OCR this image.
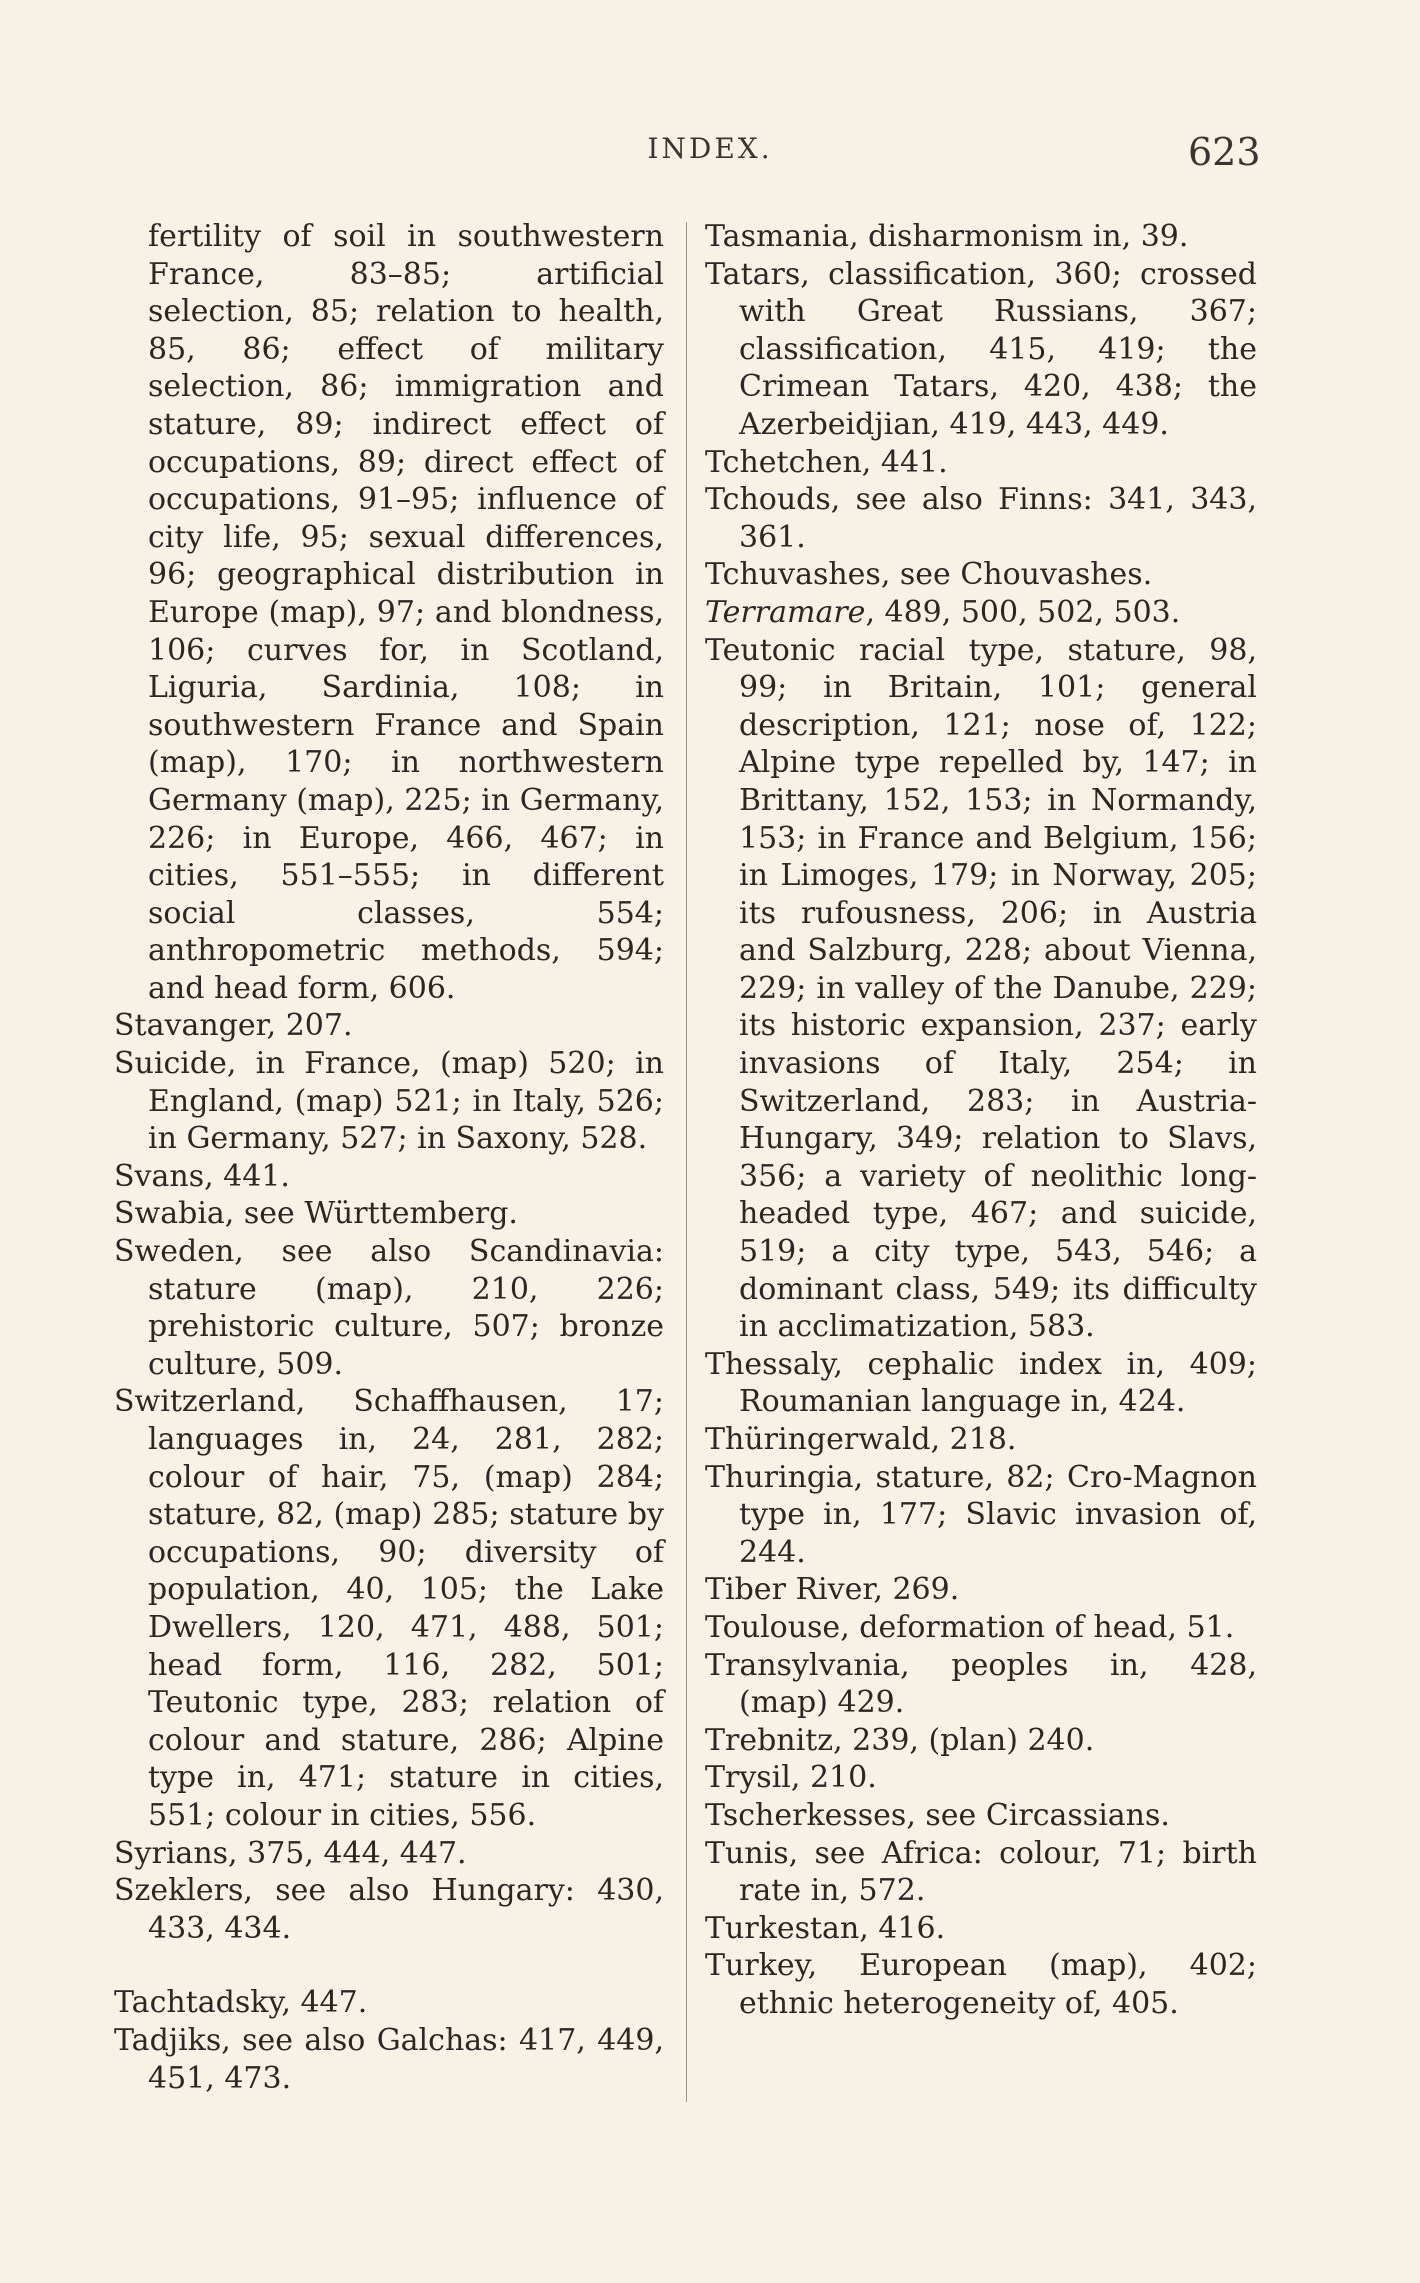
INDEX.	623

fertility of soil in southwestern France, 83–85; artificial selection, 85; relation to health, 85, 86; effect of military selection, 86; immigration and stature, 89; indirect effect of occupations, 89; direct effect of occupations, 91–95; influence of city life, 95; sexual differences, 96; geographical distribution in Europe (map), 97; and blondness, 106; curves for, in Scotland, Liguria, Sardinia, 108; in southwestern France and Spain (map), 170; in northwestern Germany (map), 225; in Germany, 226; in Europe, 466, 467; in cities, 551–555; in different social classes, 554; anthropometric methods, 594; and head form, 606.

Stavanger, 207.

Suicide, in France, (map) 520; in England, (map) 521; in Italy, 526; in Germany, 527; in Saxony, 528.

Svans, 441.

Swabia, see Württemberg.

Sweden, see also Scandinavia: stature (map), 210, 226; prehistoric culture, 507; bronze culture, 509.

Switzerland, Schaffhausen, 17; languages in, 24, 281, 282; colour of hair, 75, (map) 284; stature, 82, (map) 285; stature by occupations, 90; diversity of population, 40, 105; the Lake Dwellers, 120, 471, 488, 501; head form, 116, 282, 501; Teutonic type, 283; relation of colour and stature, 286; Alpine type in, 471; stature in cities, 551; colour in cities, 556.

Syrians, 375, 444, 447.

Szeklers, see also Hungary: 430, 433, 434.

Tachtadsky, 447.

Tadjiks, see also Galchas: 417, 449, 451, 473.

Tasmania, disharmonism in, 39.

Tatars, classification, 360; crossed with Great Russians, 367; classification, 415, 419; the Crimean Tatars, 420, 438; the Azerbeidjian, 419, 443, 449.

Tchetchen, 441.

Tchouds, see also Finns: 341, 343, 361.

Tchuvashes, see Chouvashes.

Terramare, 489, 500, 502, 503.

Teutonic racial type, stature, 98, 99; in Britain, 101; general description, 121; nose of, 122; Alpine type repelled by, 147; in Brittany, 152, 153; in Normandy, 153; in France and Belgium, 156; in Limoges, 179; in Norway, 205; its rufousness, 206; in Austria and Salzburg, 228; about Vienna, 229; in valley of the Danube, 229; its historic expansion, 237; early invasions of Italy, 254; in Switzerland, 283; in Austria-Hungary, 349; relation to Slavs, 356; a variety of neolithic long-headed type, 467; and suicide, 519; a city type, 543, 546; a dominant class, 549; its difficulty in acclimatization, 583.

Thessaly, cephalic index in, 409; Roumanian language in, 424.

Thüringerwald, 218.

Thuringia, stature, 82; Cro-Magnon type in, 177; Slavic invasion of, 244.

Tiber River, 269.

Toulouse, deformation of head, 51.

Transylvania, peoples in, 428, (map) 429.

Trebnitz, 239, (plan) 240.

Trysil, 210.

Tscherkesses, see Circassians.

Tunis, see Africa: colour, 71; birth rate in, 572.

Turkestan, 416.

Turkey, European (map), 402; ethnic heterogeneity of, 405.
